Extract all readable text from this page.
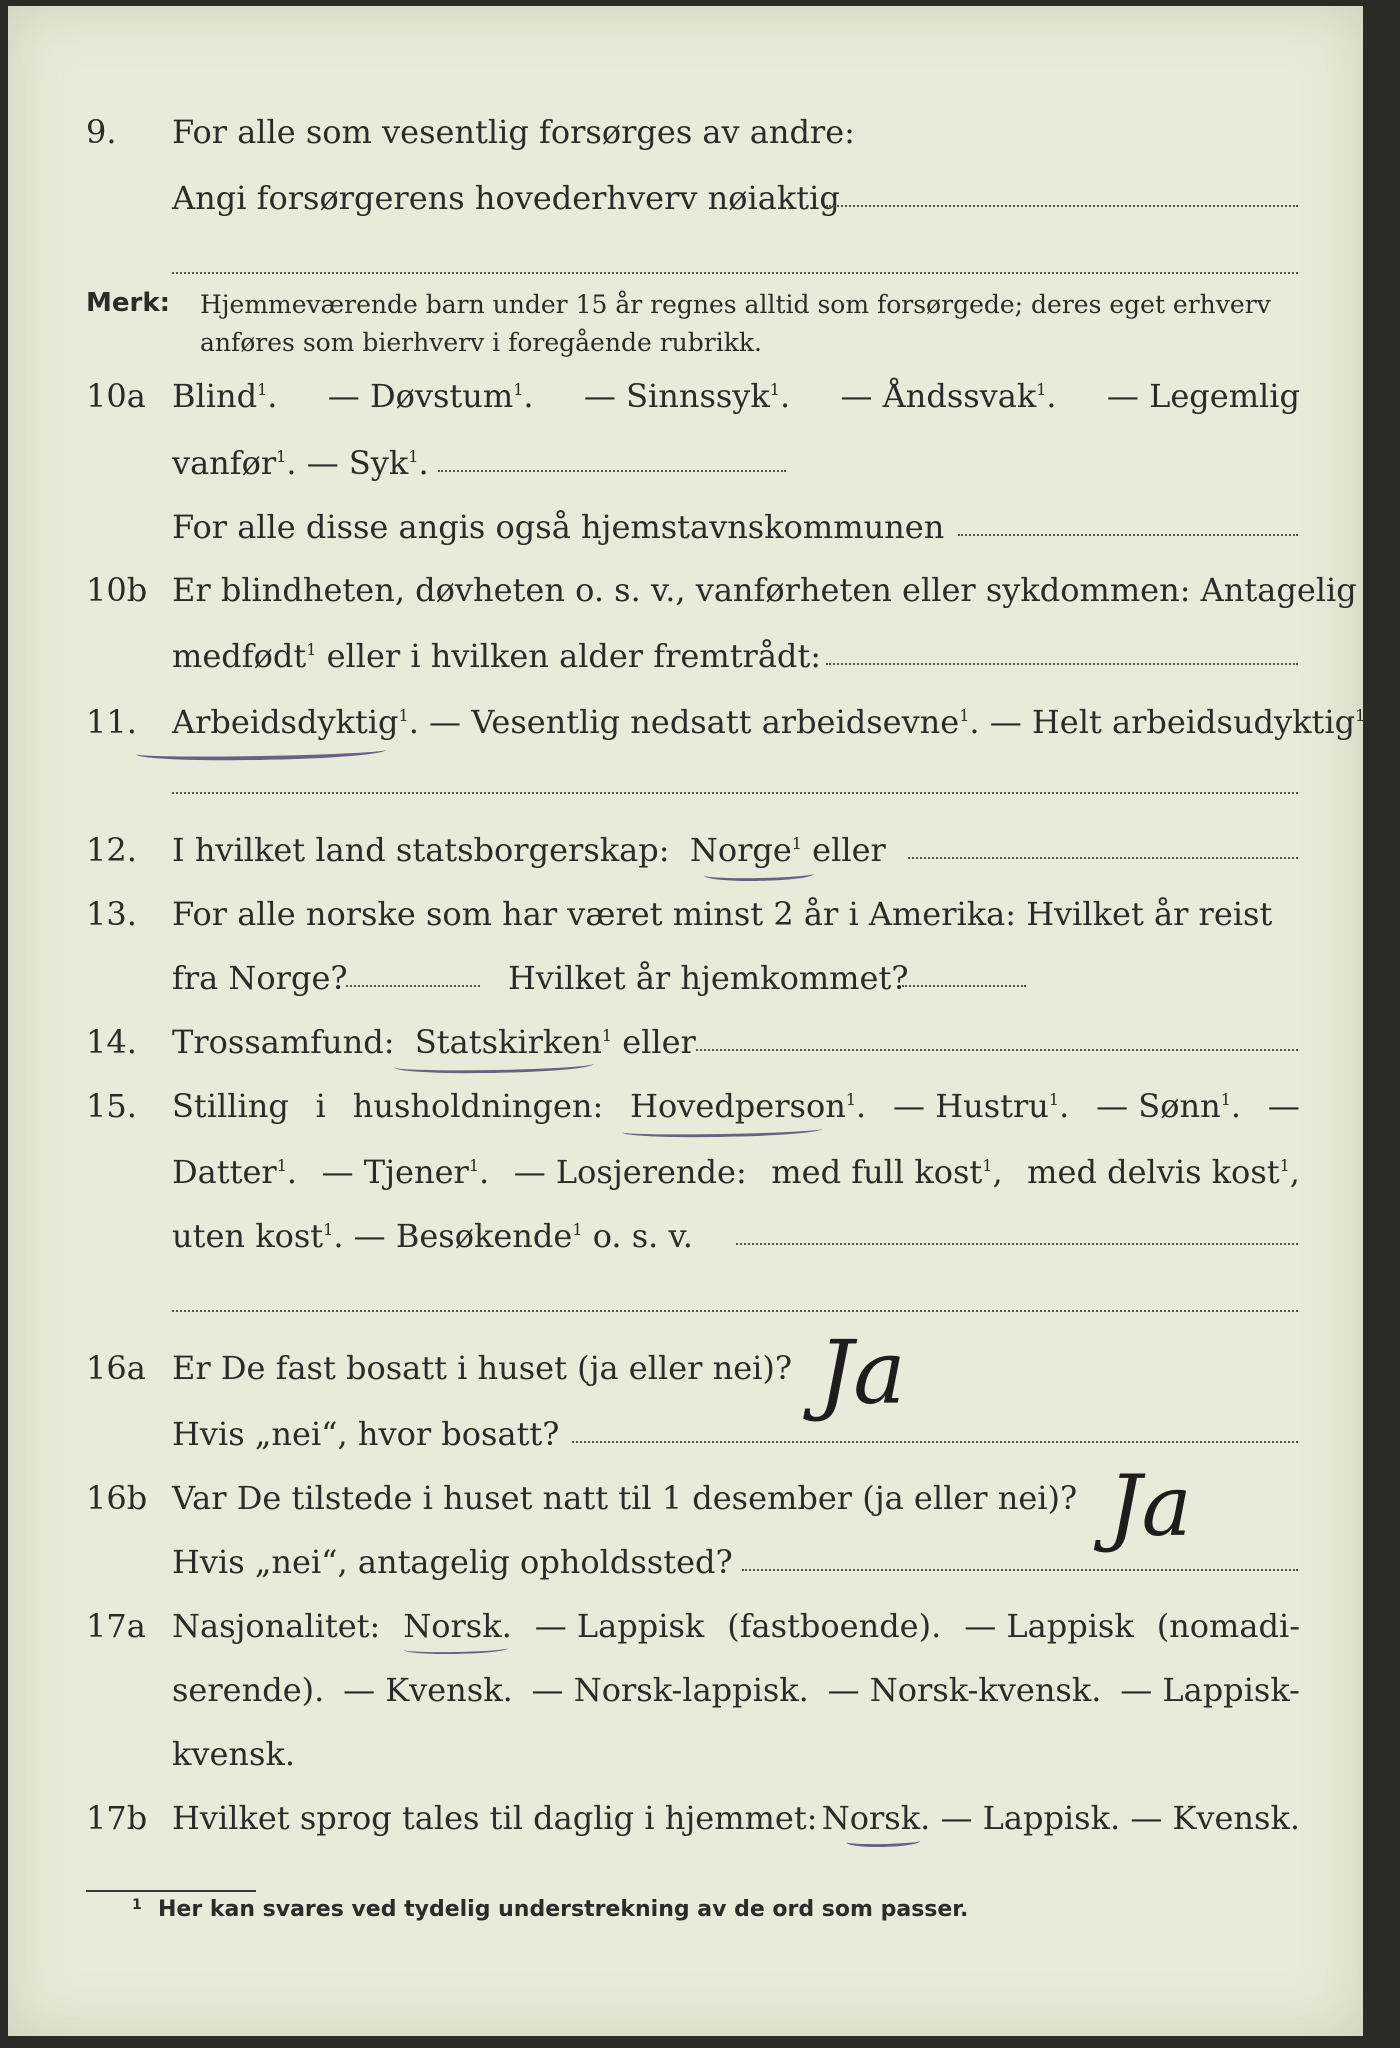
9. For alle som vesentlig forsørges av andre:
Angi forsørgerens hovederhverv nøiaktig
Merk: Hjemmeværende barn under 15 år regnes alltid som forsørgede; deres eget erhverv anføres som bierhverv i foregående rubrikk.
10a Blind$^1$. — Døvstum$^1$. — Sinnssyk$^1$. — Åndssvak$^1$. — Legemlig
vanfør$^1$. — Syk$^1$.
For alle disse angis også hjemstavnskommunen
10b Er blindheten, døvheten o. s. v., vanførheten eller sykdommen: Antagelig
medfødt$^1$ eller i hvilken alder fremtrådt:
11. Arbeidsdyktig$^1$. — Vesentlig nedsatt arbeidsevne$^1$. — Helt arbeidsudyktig$^1$.
12. I hvilket land statsborgerskap: Norge$^1$ eller
13. For alle norske som har været minst 2 år i Amerika: Hvilket år reist
fra Norge?	Hvilket år hjemkommet?
14. Trossamfund: Statskirken$^1$ eller
15. Stilling i husholdningen: Hovedperson$^1$. — Hustru$^1$. — Sønn$^1$. —
Datter$^1$. — Tjener$^1$. — Losjerende: med full kost$^1$, med delvis kost$^1$,
uten kost$^1$. — Besøkende$^1$ o. s. v.
16a Er De fast bosatt i huset (ja eller nei)? Ja
Hvis „nei“, hvor bosatt?
16b Var De tilstede i huset natt til 1 desember (ja eller nei)? Ja
Hvis „nei“, antagelig opholdssted?
17a Nasjonalitet: Norsk. — Lappisk (fastboende). — Lappisk (nomadi-
serende). — Kvensk. — Norsk-lappisk. — Norsk-kvensk. — Lappisk-
kvensk.
17b Hvilket sprog tales til daglig i hjemmet: Norsk. — Lappisk. — Kvensk.
1 Her kan svares ved tydelig understrekning av de ord som passer.
